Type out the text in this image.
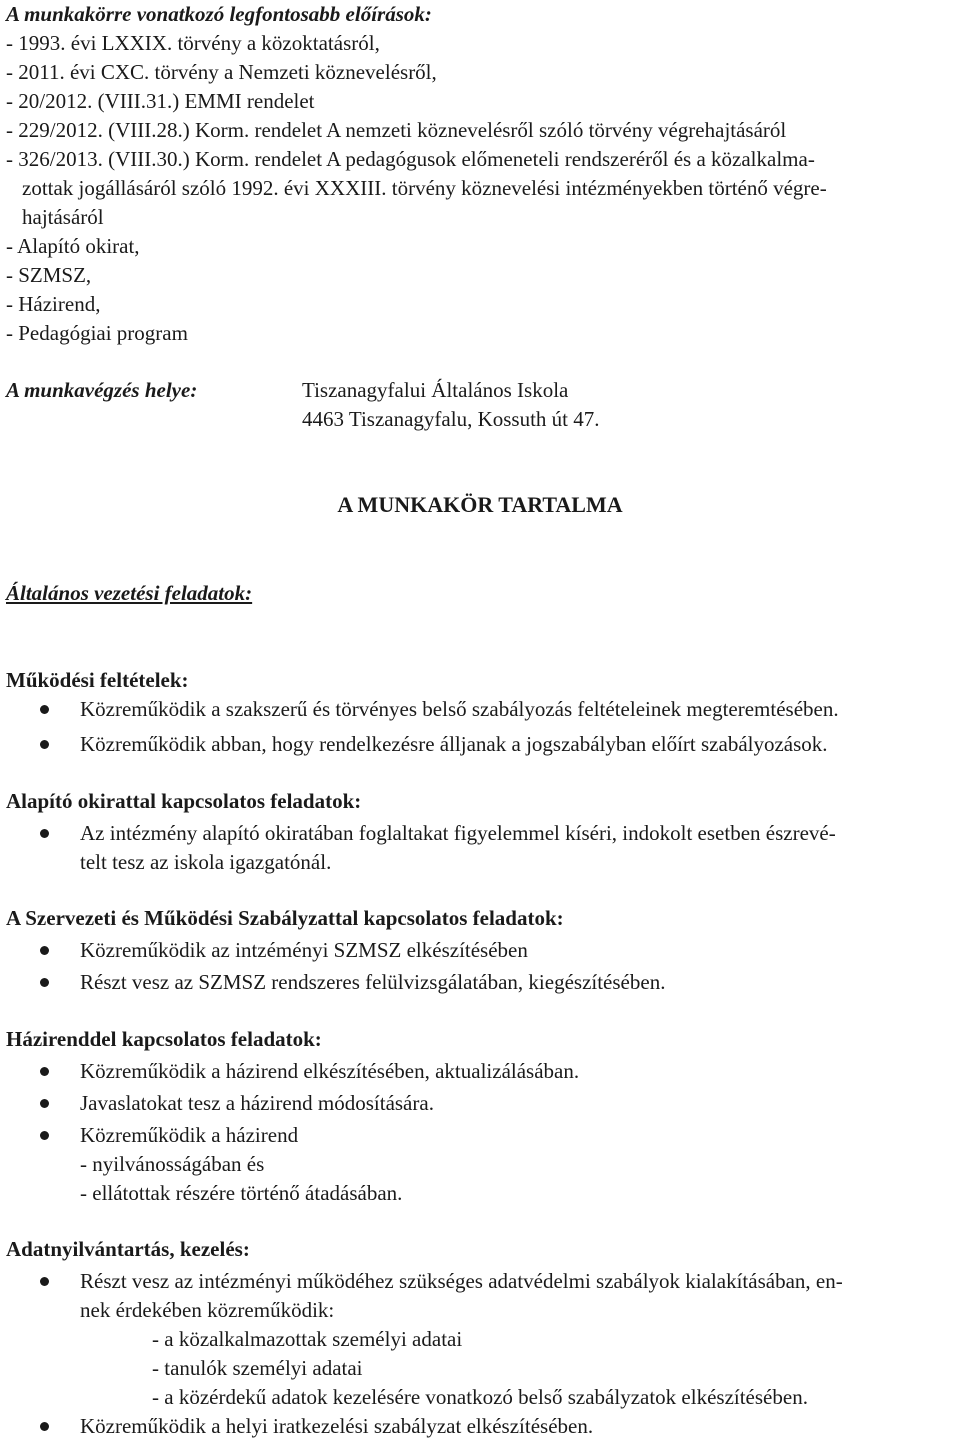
A munkakörre vonatkozó legfontosabb előírások:
- 1993. évi LXXIX. törvény a közoktatásról,
- 2011. évi CXC. törvény a Nemzeti köznevelésről,
- 20/2012. (VIII.31.) EMMI rendelet
- 229/2012. (VIII.28.) Korm. rendelet A nemzeti köznevelésről szóló törvény végrehajtásáról
- 326/2013. (VIII.30.) Korm. rendelet A pedagógusok előmeneteli rendszeréről és a közalkalma-
zottak jogállásáról szóló 1992. évi XXXIII. törvény köznevelési intézményekben történő végre-
hajtásáról
- Alapító okirat,
- SZMSZ,
- Házirend,
- Pedagógiai program
A munkavégzés helye:	Tiszanagyfalui Általános Iskola
4463 Tiszanagyfalu, Kossuth út 47.
A MUNKAKÖR TARTALMA
Általános vezetési feladatok:
Működési feltételek:
Közreműködik a szakszerű és törvényes belső szabályozás feltételeinek megteremtésében.
Közreműködik abban, hogy rendelkezésre álljanak a jogszabályban előírt szabályozások.
Alapító okirattal kapcsolatos feladatok:
Az intézmény alapító okiratában foglaltakat figyelemmel kíséri, indokolt esetben észrevé-
telt tesz az iskola igazgatónál.
A Szervezeti és Működési Szabályzattal kapcsolatos feladatok:
Közreműködik az intzéményi SZMSZ elkészítésében
Részt vesz az SZMSZ rendszeres felülvizsgálatában, kiegészítésében.
Házirenddel kapcsolatos feladatok:
Közreműködik a házirend elkészítésében, aktualizálásában.
Javaslatokat tesz a házirend módosítására.
Közreműködik a házirend
- nyilvánosságában és
- ellátottak részére történő átadásában.
Adatnyilvántartás, kezelés:
Részt vesz az intézményi működéhez szükséges adatvédelmi szabályok kialakításában, en-
nek érdekében közreműködik:
- a közalkalmazottak személyi adatai
- tanulók személyi adatai
- a közérdekű adatok kezelésére vonatkozó belső szabályzatok elkészítésében.
Közreműködik a helyi iratkezelési szabályzat elkészítésében.
